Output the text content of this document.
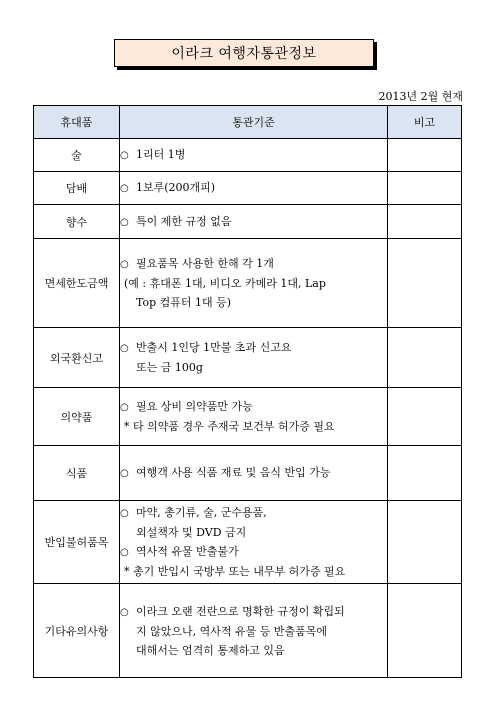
이라크 여행자통관정보
2013년 2월 현재
휴대품	통관기준	비고
술	○ 1리터 1병

담배	○ 1보루(200개피)

향수	○ 특이 제한 규정 없음

면세한도금액	○ 필요품목 사용한 한해 각 1개
(예 : 휴대폰 1대, 비디오 카메라 1대, Lap
Top 컴퓨터 1대 등)

외국환신고	○ 반출시 1인당 1만불 초과 신고요
또는 금 100g

의약품	○ 필요 상비 의약품만 가능
* 타 의약품 경우 주재국 보건부 허가증 필요

식품	○ 여행객 사용 식품 재료 및 음식 반입 가능

반입불허품목	○ 마약, 총기류, 술, 군수용품,
외설책자 및 DVD 금지
○ 역사적 유물 반출불가
* 총기 반입시 국방부 또는 내무부 허가증 필요

기타유의사항	○ 이라크 오랜 전란으로 명확한 규정이 확립되
지 않았으나, 역사적 유물 등 반출품목에
대해서는 엄격히 통제하고 있음
